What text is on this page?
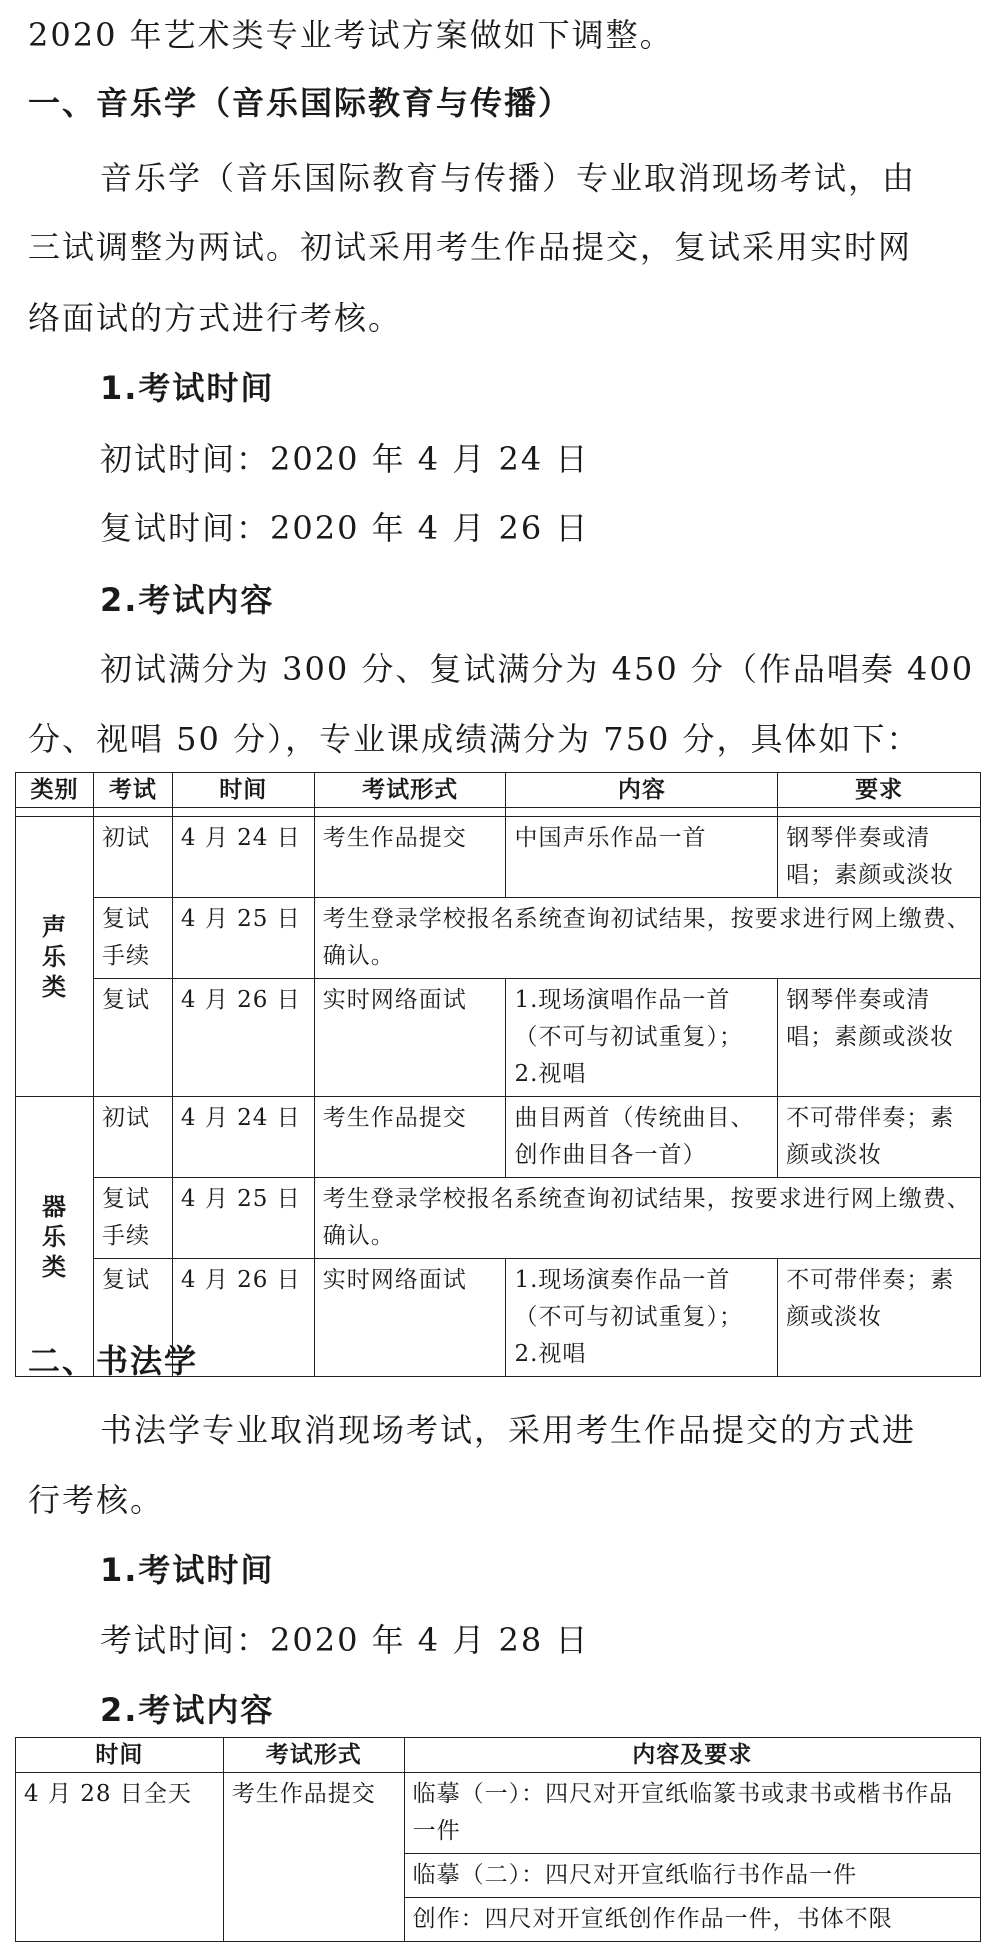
2020 年艺术类专业考试方案做如下调整。
一、音乐学（音乐国际教育与传播）
音乐学（音乐国际教育与传播）专业取消现场考试，由
三试调整为两试。初试采用考生作品提交，复试采用实时网
络面试的方式进行考核。
1.考试时间
初试时间：2020 年 4 月 24 日
复试时间：2020 年 4 月 26 日
2.考试内容
初试满分为 300 分、复试满分为 450 分（作品唱奏 400
分、视唱 50 分），专业课成绩满分为 750 分，具体如下：
类别	考试	时间	考试形式	内容	要求

声
乐
类	初试	4 月 24 日	考生作品提交	中国声乐作品一首	钢琴伴奏或清唱；素颜或淡妆
	复试手续	4 月 25 日	考生登录学校报名系统查询初试结果，按要求进行网上缴费、确认。		
	复试	4 月 26 日	实时网络面试	1.现场演唱作品一首（不可与初试重复）；
2.视唱	钢琴伴奏或清唱；素颜或淡妆

器
乐
类	初试	4 月 24 日	考生作品提交	曲目两首（传统曲目、创作曲目各一首）	不可带伴奏；素颜或淡妆
	复试手续	4 月 25 日	考生登录学校报名系统查询初试结果，按要求进行网上缴费、确认。		
	复试	4 月 26 日	实时网络面试	1.现场演奏作品一首（不可与初试重复）；
2.视唱	不可带伴奏；素颜或淡妆
二、书法学
书法学专业取消现场考试，采用考生作品提交的方式进
行考核。
1.考试时间
考试时间：2020 年 4 月 28 日
2.考试内容
时间	考试形式	内容及要求
4 月 28 日全天	考生作品提交	临摹（一）：四尺对开宣纸临篆书或隶书或楷书作品一件
		临摹（二）：四尺对开宣纸临行书作品一件
		创作：四尺对开宣纸创作作品一件，书体不限
